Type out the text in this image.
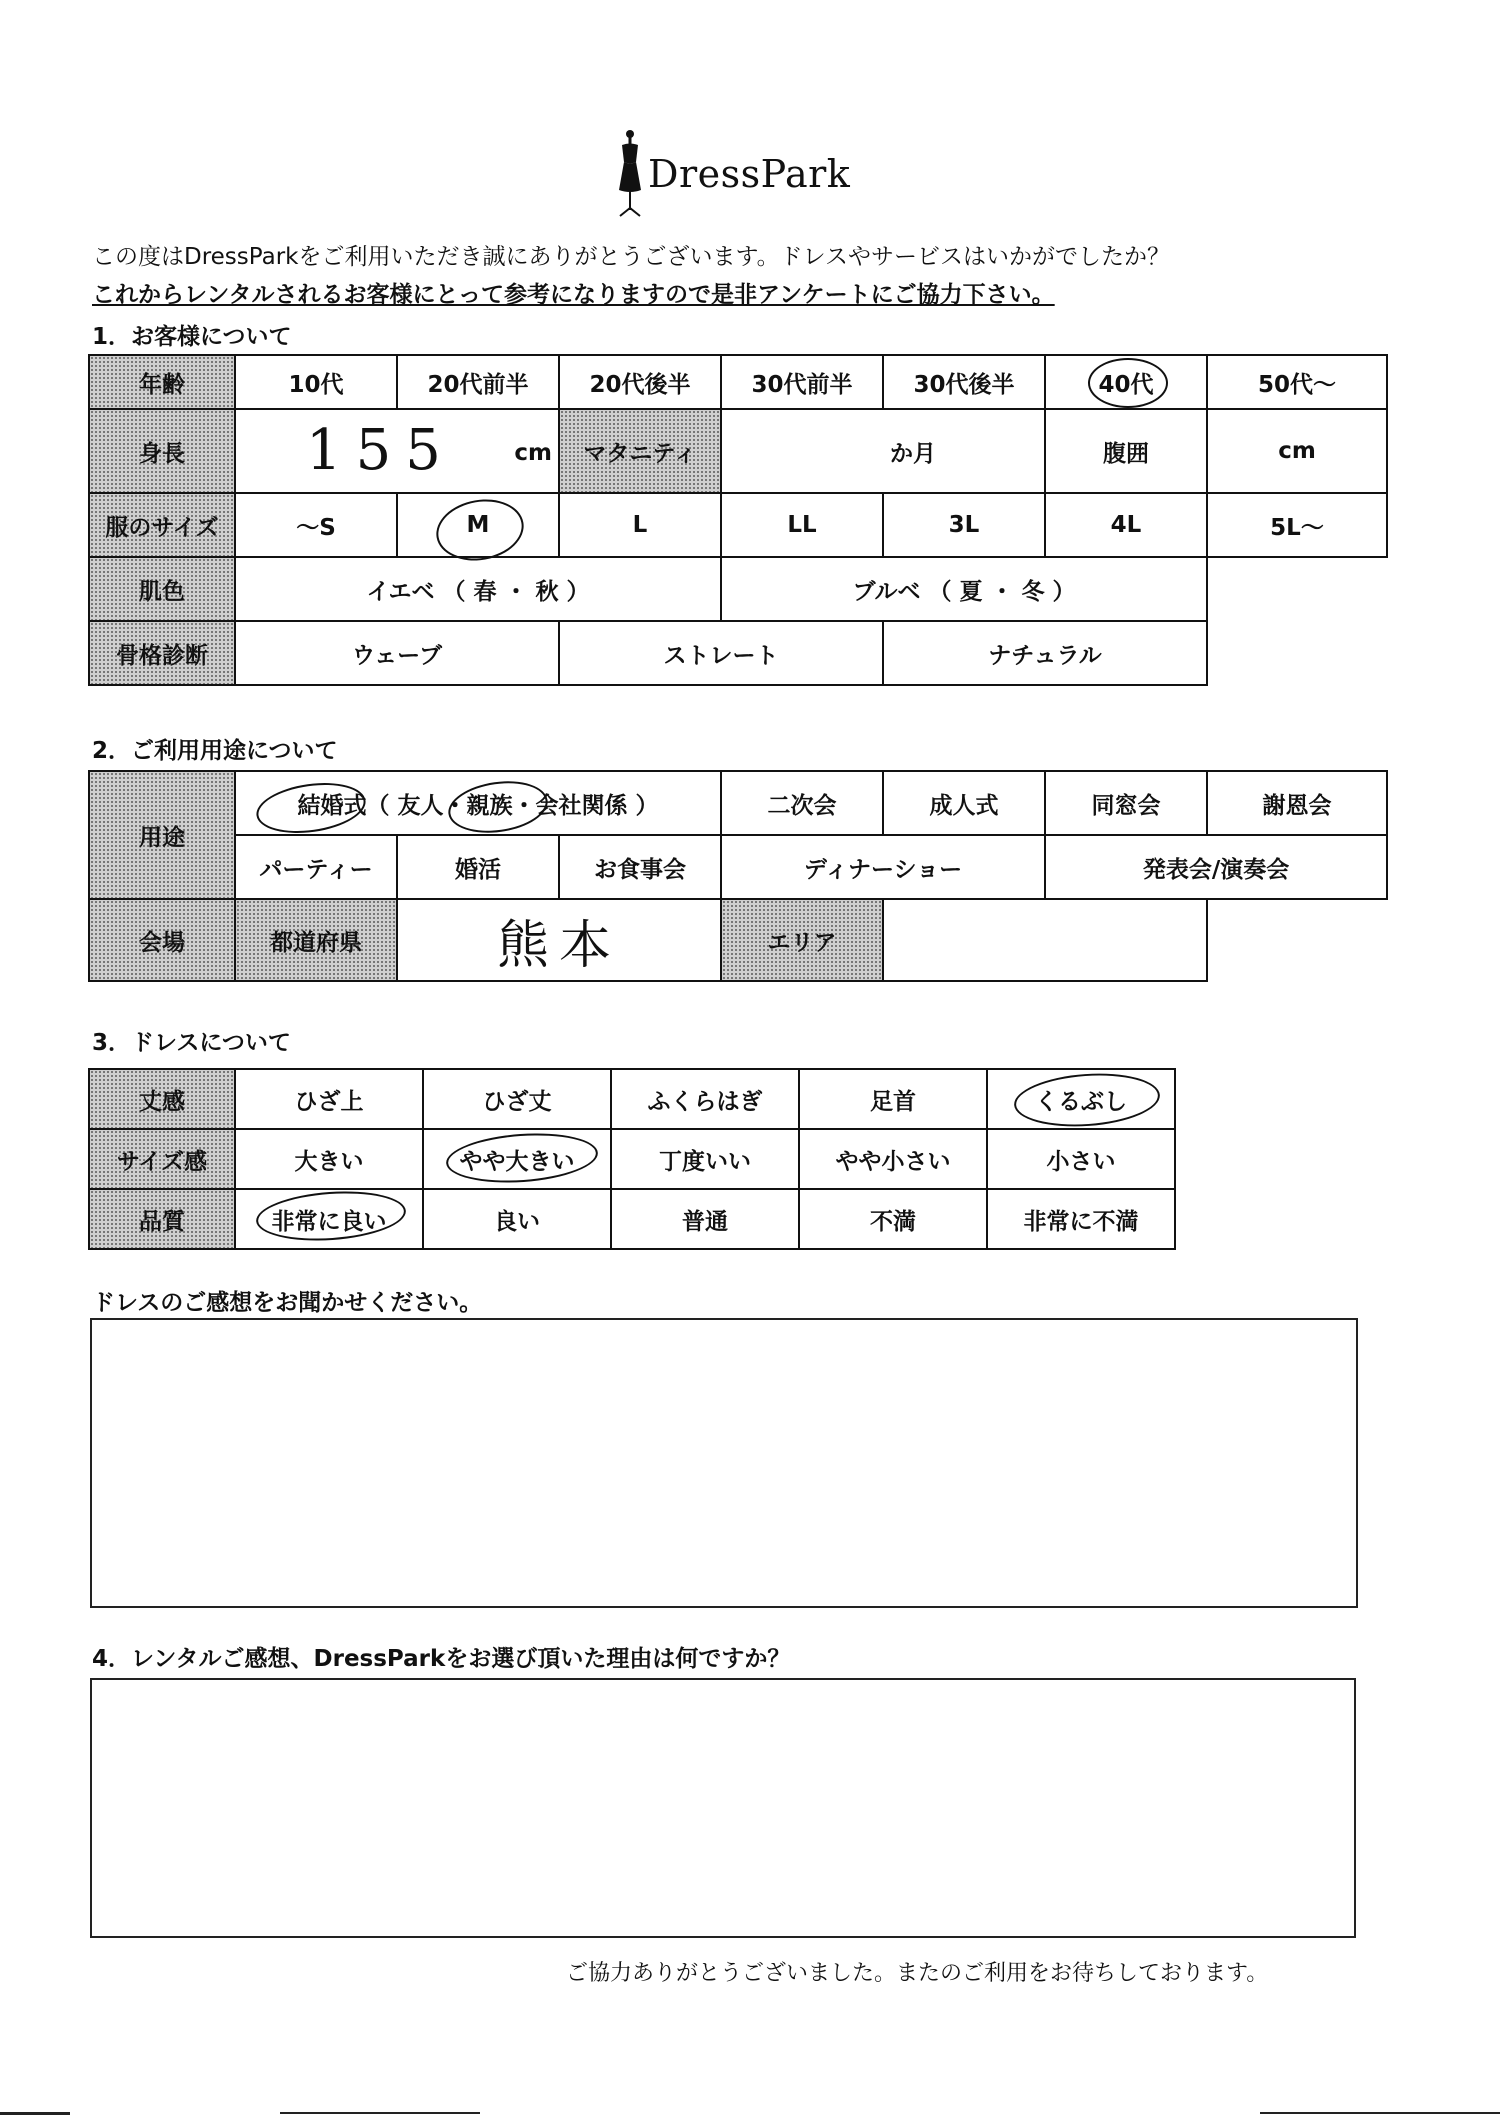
DressPark
この度はDressParkをご利用いただき誠にありがとうございます。ドレスやサービスはいかがでしたか？
これからレンタルされるお客様にとって参考になりますので是非アンケートにご協力下さい。
1．お客様について
年齢	10代	20代前半	20代後半	30代前半	30代後半	40代	50代～
身長	155 cm		マタニティ	か月		腹囲	cm
服のサイズ	～S	M	L	LL	3L	4L	5L～
肌色	イエベ （ 春 ・ 秋 ）			ブルベ （ 夏 ・ 冬 ）			
骨格診断	ウェーブ		ストレート		ナチュラル		
2．ご利用用途について
用途	結婚式（ 友人・親族・会社関係 ）			二次会	成人式	同窓会	謝恩会
	パーティー	婚活	お食事会	ディナーショー		発表会/演奏会	
会場	都道府県	熊本		エリア			
3．ドレスについて
丈感	ひざ上	ひざ丈	ふくらはぎ	足首	くるぶし
サイズ感	大きい	やや大きい	丁度いい	やや小さい	小さい
品質	非常に良い	良い	普通	不満	非常に不満
ドレスのご感想をお聞かせください。
4．レンタルご感想、DressParkをお選び頂いた理由は何ですか？
ご協力ありがとうございました。またのご利用をお待ちしております。
